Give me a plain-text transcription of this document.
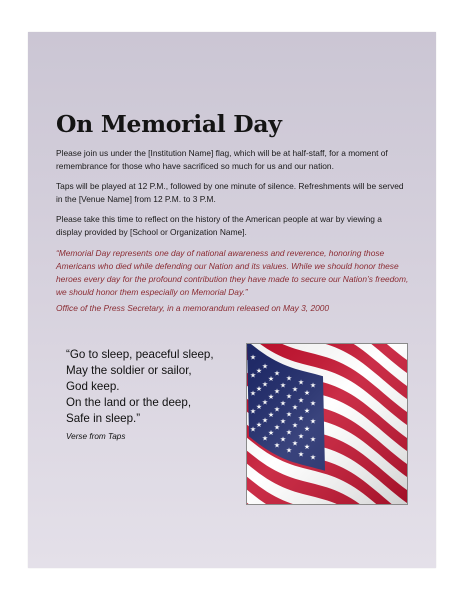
On Memorial Day

Please join us under the [Institution Name] flag, which will be at half-staff, for a moment of remembrance for those who have sacrificed so much for us and our nation.

Taps will be played at 12 P.M., followed by one minute of silence. Refreshments will be served in the [Venue Name] from 12 P.M. to 3 P.M.

Please take this time to reflect on the history of the American people at war by viewing a display provided by [School or Organization Name].

“Memorial Day represents one day of national awareness and reverence, honoring those Americans who died while defending our Nation and its values. While we should honor these heroes every day for the profound contribution they have made to secure our Nation’s freedom, we should honor them especially on Memorial Day.”

Office of the Press Secretary, in a memorandum released on May 3, 2000

“Go to sleep, peaceful sleep,
May the soldier or sailor,
God keep.
On the land or the deep,
Safe in sleep.”

Verse from Taps
